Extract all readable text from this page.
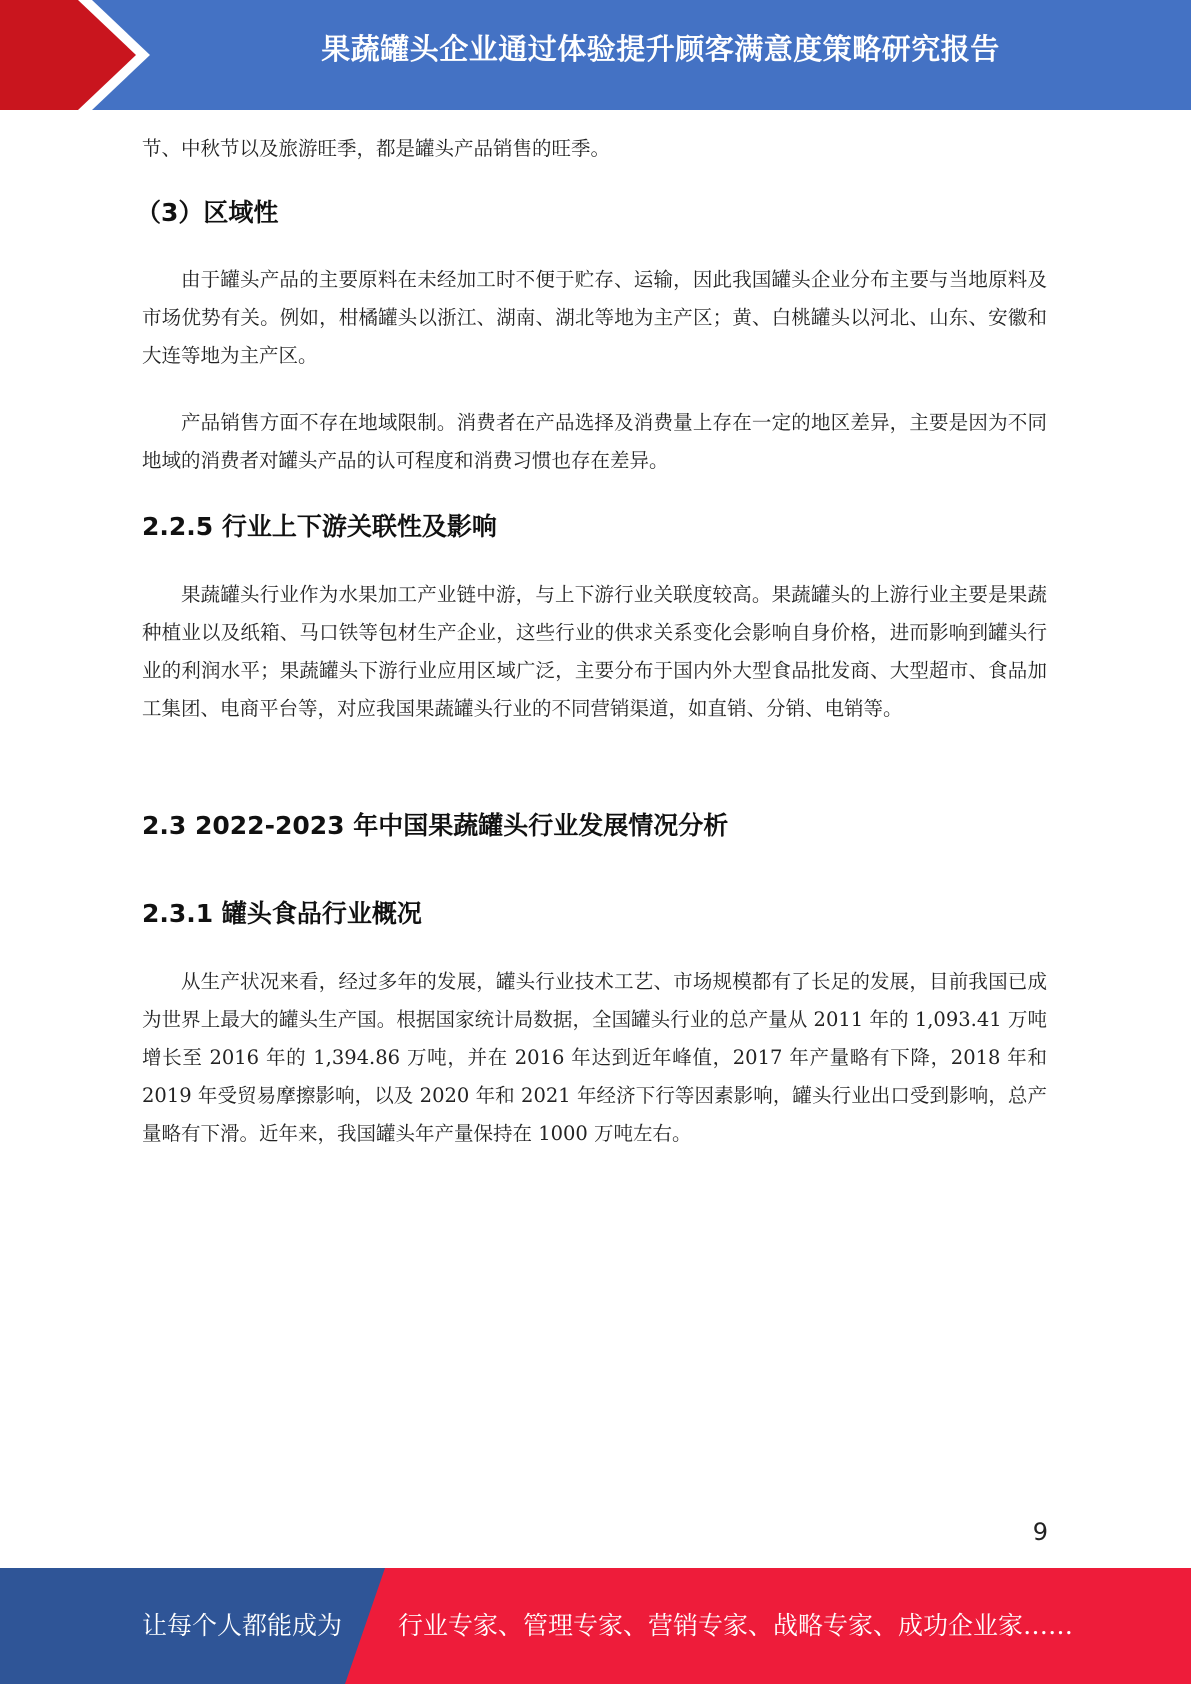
果蔬罐头企业通过体验提升顾客满意度策略研究报告

节、中秋节以及旅游旺季，都是罐头产品销售的旺季。

（3）区域性

由于罐头产品的主要原料在未经加工时不便于贮存、运输，因此我国罐头企业分布主要与当地原料及市场优势有关。例如，柑橘罐头以浙江、湖南、湖北等地为主产区；黄、白桃罐头以河北、山东、安徽和大连等地为主产区。

产品销售方面不存在地域限制。消费者在产品选择及消费量上存在一定的地区差异，主要是因为不同地域的消费者对罐头产品的认可程度和消费习惯也存在差异。

2.2.5 行业上下游关联性及影响

果蔬罐头行业作为水果加工产业链中游，与上下游行业关联度较高。果蔬罐头的上游行业主要是果蔬种植业以及纸箱、马口铁等包材生产企业，这些行业的供求关系变化会影响自身价格，进而影响到罐头行业的利润水平；果蔬罐头下游行业应用区域广泛，主要分布于国内外大型食品批发商、大型超市、食品加工集团、电商平台等，对应我国果蔬罐头行业的不同营销渠道，如直销、分销、电销等。

2.3 2022-2023 年中国果蔬罐头行业发展情况分析
2.3.1 罐头食品行业概况

从生产状况来看，经过多年的发展，罐头行业技术工艺、市场规模都有了长足的发展，目前我国已成为世界上最大的罐头生产国。根据国家统计局数据，全国罐头行业的总产量从 2011 年的 1,093.41 万吨增长至 2016 年的 1,394.86 万吨，并在 2016 年达到近年峰值，2017 年产量略有下降，2018 年和 2019 年受贸易摩擦影响，以及 2020 年和 2021 年经济下行等因素影响，罐头行业出口受到影响，总产量略有下滑。近年来，我国罐头年产量保持在 1000 万吨左右。

9
让每个人都能成为 行业专家、管理专家、营销专家、战略专家、成功企业家……
